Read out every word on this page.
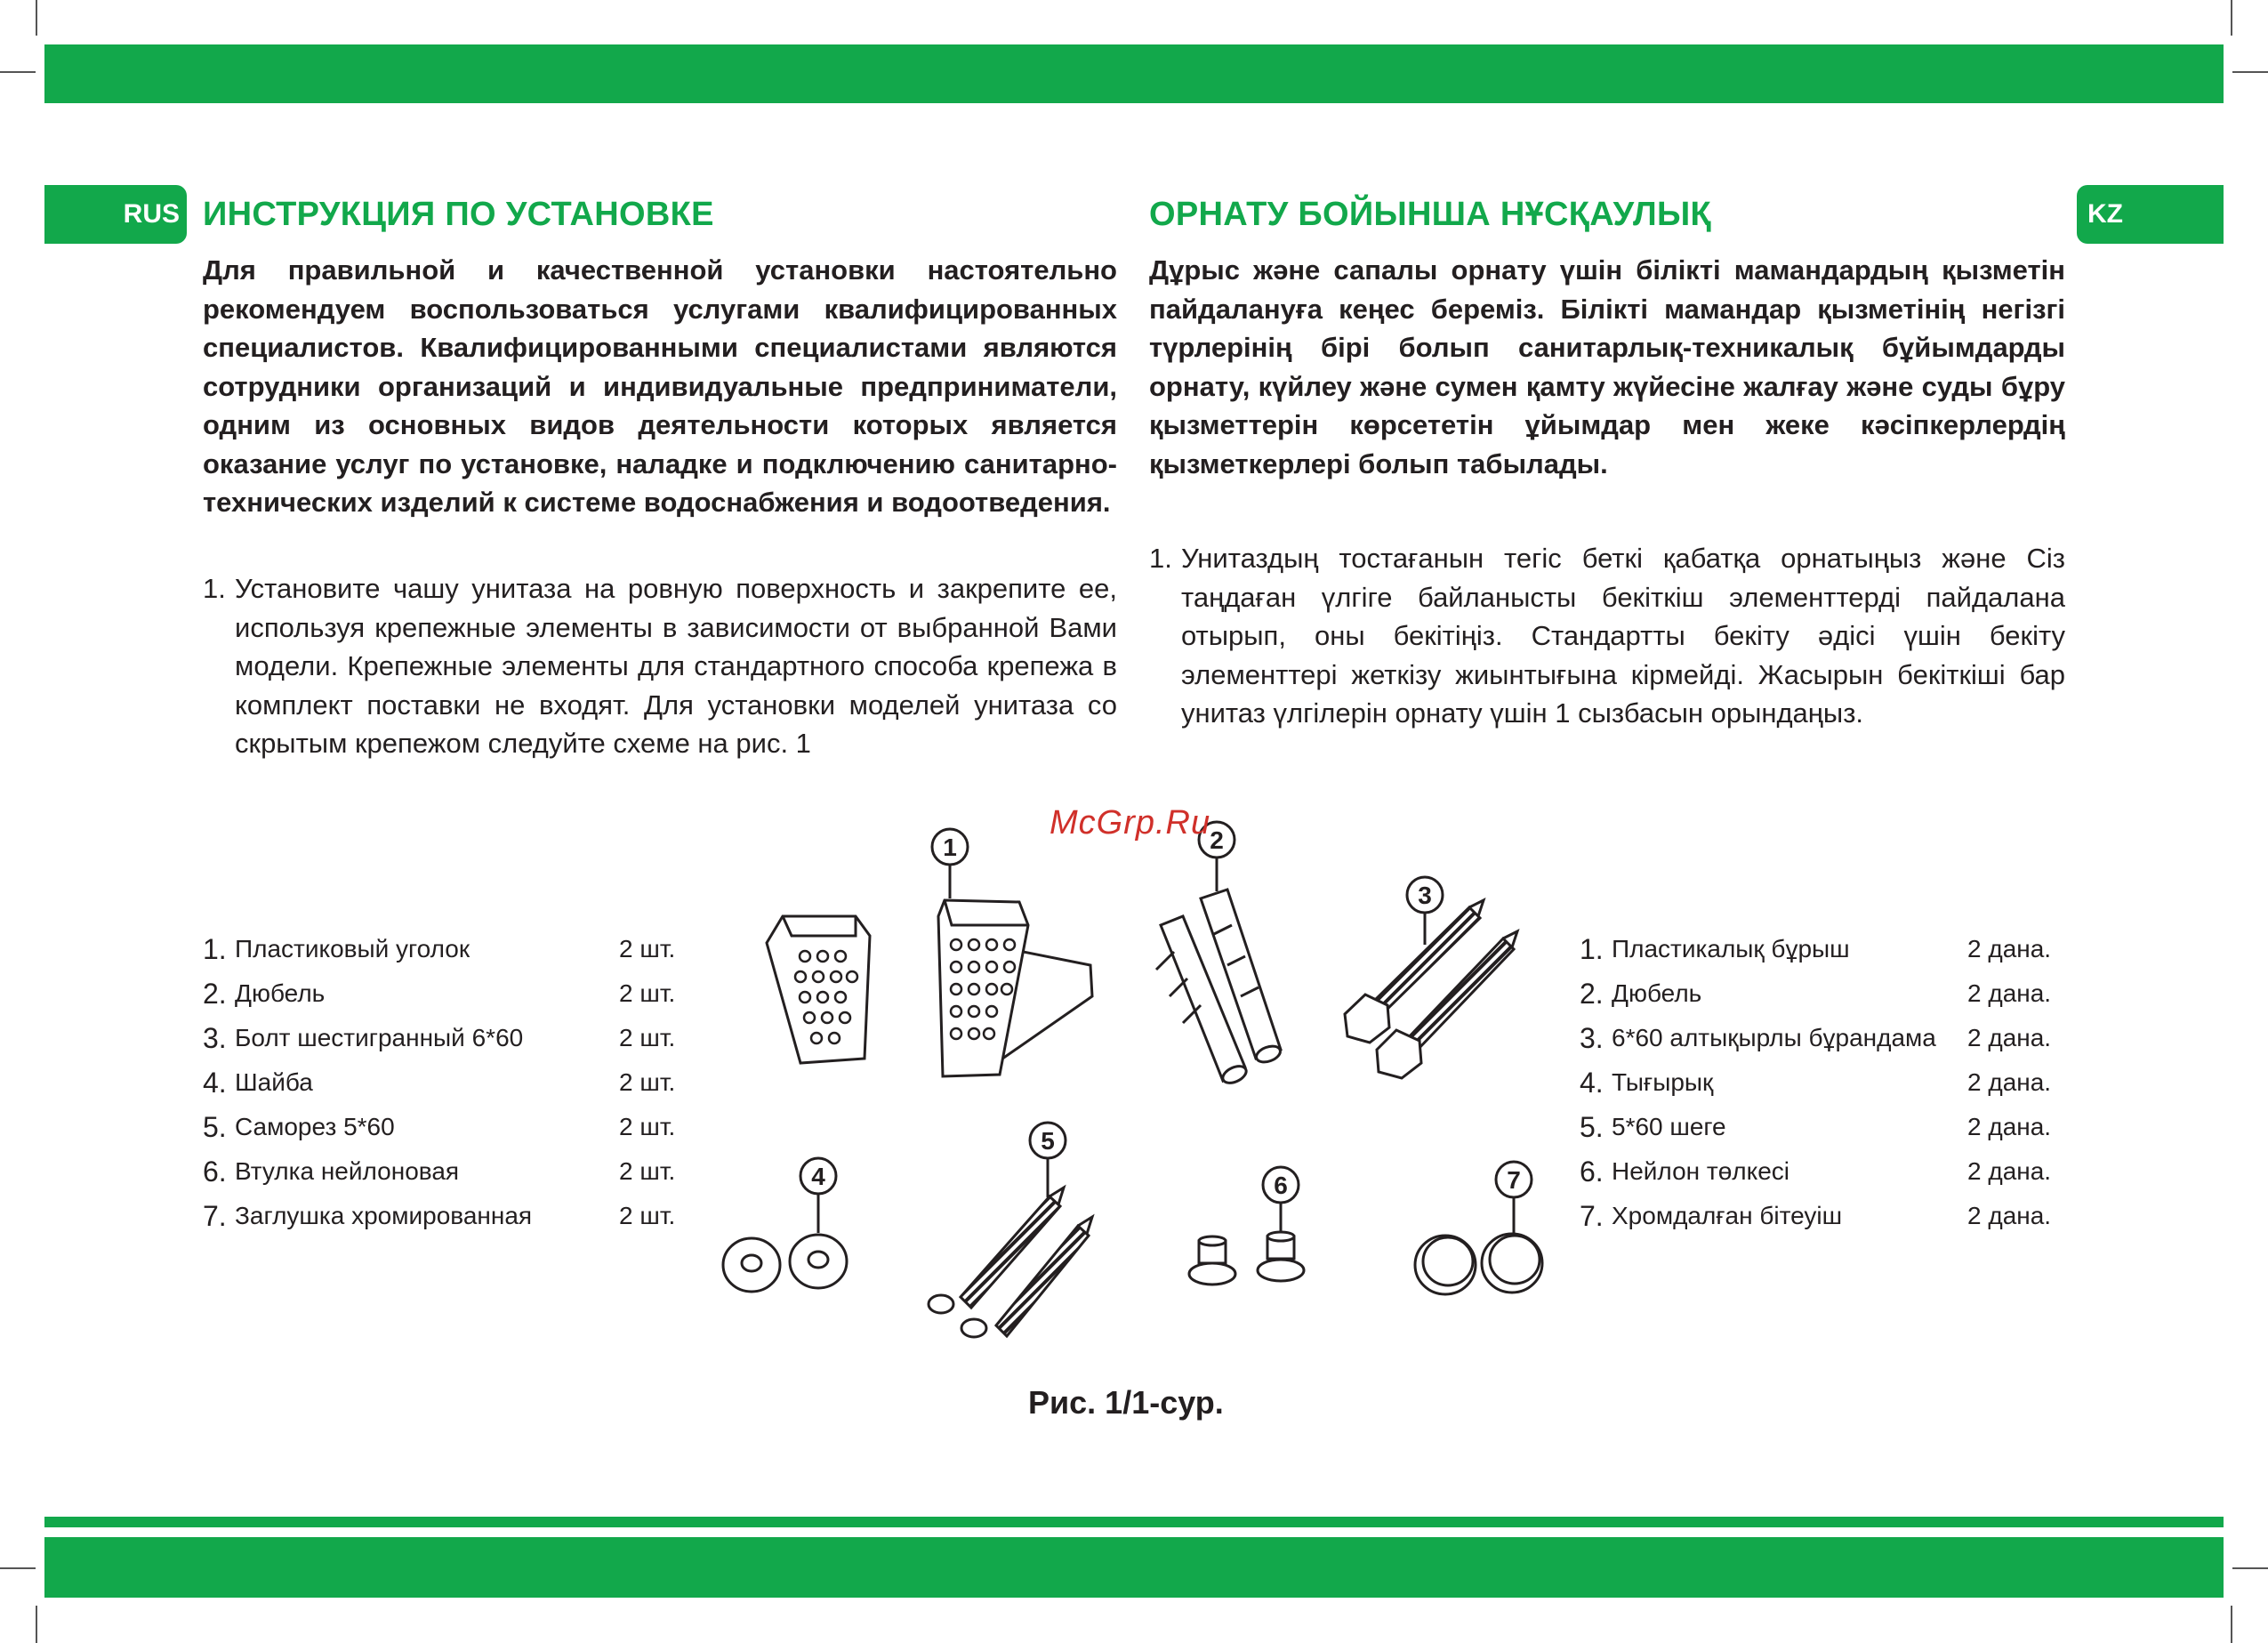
RUS	KZ
ИНСТРУКЦИЯ ПО УСТАНОВКЕ	ОРНАТУ БОЙЫНША НҰСҚАУЛЫҚ
Для правильной и качественной установки настоятельно рекомендуем воспользоваться услугами квалифицированных специалистов. Квалифицированными специалистами являются сотрудники организаций и индивидуальные предприниматели, одним из основных видов деятельности которых является оказание услуг по установке, наладке и подключению санитарно-технических изделий к системе водоснабжения и водоотведения.
Дұрыс және сапалы орнату үшін білікті мамандардың қызметін пайдалануға кеңес береміз. Білікті мамандар қызметінің негізгі түрлерінің бірі болып санитарлық-техникалық бұйымдарды орнату, күйлеу және сумен қамту жүйесіне жалғау және суды бұру қызметтерін көрсететін ұйымдар мен жеке кәсіпкерлердің қызметкерлері болып табылады.
1. Установите чашу унитаза на ровную поверхность и закрепите ее, используя крепежные элементы в зависимости от выбранной Вами модели. Крепежные элементы для стандартного способа крепежа в комплект поставки не входят. Для установки моделей унитаза со скрытым крепежом следуйте схеме на рис. 1
1. Унитаздың тостағанын тегіс беткі қабатқа орнатыңыз және Сіз таңдаған үлгіге байланысты бекіткіш элементтерді пайдалана отырып, оны бекітіңіз. Стандартты бекіту әдісі үшін бекіту элементтері жеткізу жиынтығына кірмейді. Жасырын бекіткіші бар унитаз үлгілерін орнату үшін 1 сызбасын орындаңыз.
1. Пластиковый уголок	2 шт.
2. Дюбель	2 шт.
3. Болт шестигранный 6*60	2 шт.
4. Шайба	2 шт.
5. Саморез 5*60	2 шт.
6. Втулка нейлоновая	2 шт.
7. Заглушка хромированная	2 шт.
1. Пластикалық бұрыш	2 дана.
2. Дюбель	2 дана.
3. 6*60 алтықырлы бұрандама	2 дана.
4. Тығырық	2 дана.
5. 5*60 шеге	2 дана.
6. Нейлон төлкесі	2 дана.
7. Хромдалған бітеуіш	2 дана.
1	2
3
4
5
6	7
McGrp.Ru
Рис. 1/1-сур.
